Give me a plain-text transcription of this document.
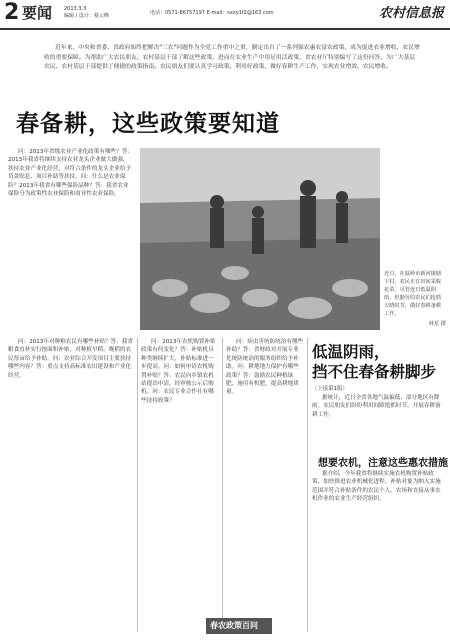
2 要闻 2013.3.3
编辑 / 设计：蔡云峰	电话：0571-86757197 E-mail：sxxy1f2@163.com	农村信息报

近年来，中央和省委、省政府始终把解决"三农"问题作为全党工作重中之重，制定出台了一系列强农惠农富农政策，成为促进农业增收、农民增收的重要保障。为帮助广大农民朋友、农村基层干部了解这些政策，进而在农业生产中用足用活政策，省农业厅特别编写了这份问答，为广大基层农民、农村基层干部提供了便捷的政策指南。农民朋友们要认真学习政策，利用好政策，做好春耕生产工作，实现农业增效、农民增收。

春备耕，这些政策要知道
近日，在温岭市新河镇塘下村，农民正在田间采收花菜。尽管连日低温阴雨，但勤劳的农民们抢抓天晴时节，做好春耕备耕工作。
林星 摄

问：2013年省级农业产业化政策有哪些？答：2013年我省将继续支持农业龙头企业做大做强，扶持农业产业化经营，对符合条件的龙头企业给予贷款贴息、项目补助等扶持。问：什么是农业保险？2013年我省有哪些保险品种？答：我省农业保险分为政策性农业保险和商业性农业保险。

问：2013年对种粮农民有哪些补贴？答：我省粮食直补实行按面积补贴，对种植早稻、晚稻的农民每亩给予补贴。问：农业综合开发项目主要扶持哪些内容？答：重点支持高标准农田建设和产业化经营。

问：2013年农机购置补贴政策有何变化？答：补贴机具种类继续扩大，补贴标准进一步提高。问：如何申请农机购置补贴？答：农民向乡镇农机站提出申请，经审核公示后购机。问：农民专业合作社有哪些扶持政策？

问：病虫害统防统治有哪些补助？答：省财政对开展专业化统防统治的服务组织给予补助。问：耕地地力保护有哪些政策？答：鼓励农民种植绿肥、施用有机肥，提高耕地质量。

低温阴雨，
挡不住春备耕脚步
（上接第1版）

据统计，近日全省各地气温偏低，部分地区有降雨。农民朋友们纷纷利用间隙抢抓时节，开展春耕备耕工作。

想要农机，注意这些惠农措施

据介绍，今年我省将继续实施农机购置补贴政策，加快推进农业机械化进程。补贴对象为纳入实施范围并符合补贴条件的农民个人、农场和直接从事农机作业的农业生产经营组织。

春农政策百问
